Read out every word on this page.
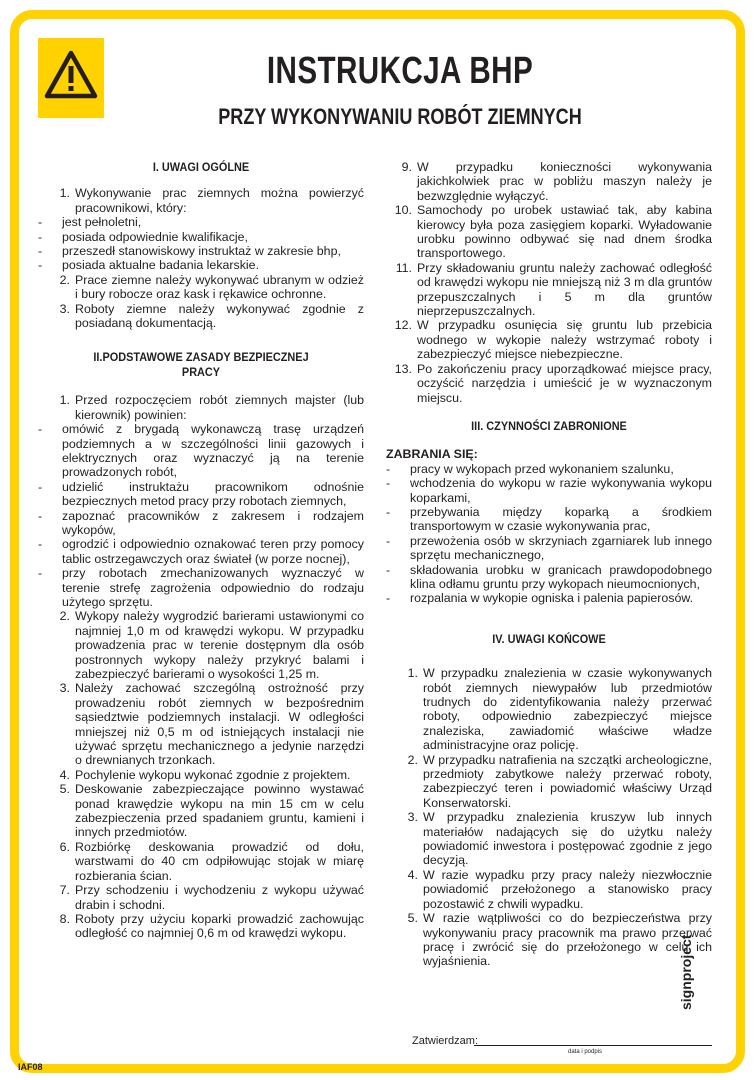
INSTRUKCJA BHP
PRZY WYKONYWANIU ROBÓT ZIEMNYCH

I. UWAGI OGÓLNE

1. Wykonywanie prac ziemnych można powierzyć pracownikowi, który:
-	jest pełnoletni,
-	posiada odpowiednie kwalifikacje,
-	przeszedł stanowiskowy instruktaż w zakresie bhp,
-	posiada aktualne badania lekarskie.
2. Prace ziemne należy wykonywać ubranym w odzież i bury robocze oraz kask i rękawice ochronne.
3. Roboty ziemne należy wykonywać zgodnie z posiadaną dokumentacją.

II.PODSTAWOWE ZASADY BEZPIECZNEJ

PRACY

1. Przed rozpoczęciem robót ziemnych majster (lub kierownik) powinien:
-	omówić z brygadą wykonawczą trasę urządzeń podziemnych a w szczególności linii gazowych i elektrycznych oraz wyznaczyć ją na terenie prowadzonych robót,
-	udzielić instruktażu pracownikom odnośnie bezpiecznych metod pracy przy robotach ziemnych,
-	zapoznać pracowników z zakresem i rodzajem wykopów,
-	ogrodzić i odpowiednio oznakować teren przy pomocy tablic ostrzegawczych oraz świateł (w porze nocnej),
-	przy robotach zmechanizowanych wyznaczyć w terenie strefę zagrożenia odpowiednio do rodzaju użytego sprzętu.
2. Wykopy należy wygrodzić barierami ustawionymi co najmniej 1,0 m od krawędzi wykopu. W przypadku prowadzenia prac w terenie dostępnym dla osób postronnych wykopy należy przykryć balami i zabezpieczyć barierami o wysokości 1,25 m.
3. Należy zachować szczególną ostrożność przy prowadzeniu robót ziemnych w bezpośrednim sąsiedztwie podziemnych instalacji. W odległości mniejszej niż 0,5 m od istniejących instalacji nie używać sprzętu mechanicznego a jedynie narzędzi o drewnianych trzonkach.
4. Pochylenie wykopu wykonać zgodnie z projektem.
5. Deskowanie zabezpieczające powinno wystawać ponad krawędzie wykopu na min 15 cm w celu zabezpieczenia przed spadaniem gruntu, kamieni i innych przedmiotów.
6. Rozbiórkę deskowania prowadzić od dołu, warstwami do 40 cm odpiłowując stojak w miarę rozbierania ścian.
7. Przy schodzeniu i wychodzeniu z wykopu używać drabin i schodni.
8. Roboty przy użyciu koparki prowadzić zachowując odległość co najmniej 0,6 m od krawędzi wykopu.
9. W przypadku konieczności wykonywania jakichkolwiek prac w pobliżu maszyn należy je bezwzględnie wyłączyć.
10. Samochody po urobek ustawiać tak, aby kabina kierowcy była poza zasięgiem koparki. Wyładowanie urobku powinno odbywać się nad dnem środka transportowego.
11. Przy składowaniu gruntu należy zachować odległość od krawędzi wykopu nie mniejszą niż 3 m dla gruntów przepuszczalnych i 5 m dla gruntów nieprzepuszczalnych.
12. W przypadku osunięcia się gruntu lub przebicia wodnego w wykopie należy wstrzymać roboty i zabezpieczyć miejsce niebezpieczne.
13. Po zakończeniu pracy uporządkować miejsce pracy, oczyścić narzędzia i umieścić je w wyznaczonym miejscu.

III. CZYNNOŚCI ZABRONIONE

ZABRANIA SIĘ:

-	pracy w wykopach przed wykonaniem szalunku,
-	wchodzenia do wykopu w razie wykonywania wykopu koparkami,
-	przebywania między koparką a środkiem transportowym w czasie wykonywania prac,
-	przewożenia osób w skrzyniach zgarniarek lub innego sprzętu mechanicznego,
-	składowania urobku w granicach prawdopodobnego klina odłamu gruntu przy wykopach nieumocnionych,
-	rozpalania w wykopie ogniska i palenia papierosów.

IV. UWAGI KOŃCOWE

1. W przypadku znalezienia w czasie wykonywanych robót ziemnych niewypałów lub przedmiotów trudnych do zidentyfikowania należy przerwać roboty, odpowiednio zabezpieczyć miejsce znaleziska, zawiadomić właściwe władze administracyjne oraz policję.
2. W przypadku natrafienia na szczątki archeologiczne, przedmioty zabytkowe należy przerwać roboty, zabezpieczyć teren i powiadomić właściwy Urząd Konserwatorski.
3. W przypadku znalezienia kruszyw lub innych materiałów nadających się do użytku należy powiadomić inwestora i postępować zgodnie z jego decyzją.
4. W razie wypadku przy pracy należy niezwłocznie powiadomić przełożonego a stanowisko pracy pozostawić z chwili wypadku.
5. W razie wątpliwości co do bezpieczeństwa przy wykonywaniu pracy pracownik ma prawo przerwać pracę i zwrócić się do przełożonego w celu ich wyjaśnienia.
Zatwierdzam:
data i podpis
IAF08
signproject
